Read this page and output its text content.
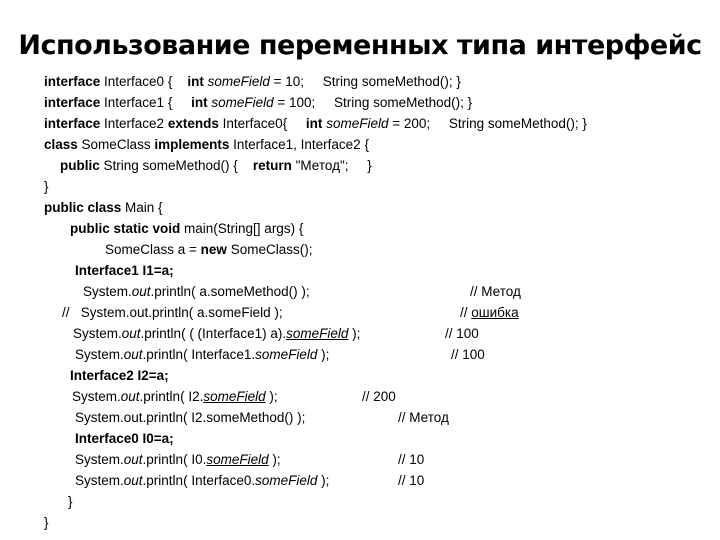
Использование переменных типа интерфейс
interface Interface0 {    int someField = 10;     String someMethod(); }
interface Interface1 {     int someField = 100;     String someMethod(); }
interface Interface2 extends Interface0{     int someField = 200;     String someMethod(); }
class SomeClass implements Interface1, Interface2 {
public String someMethod() {    return "Метод";     }
}
public class Main {
public static void main(String[] args) {
SomeClass a = new SomeClass();
Interface1 I1=a;
System.out.println( a.someMethod() );	// Метод
//   System.out.println( a.someField );	// ошибка
System.out.println( ( (Interface1) a).someField );	// 100
System.out.println( Interface1.someField );	// 100
Interface2 I2=a;
System.out.println( I2.someField );	// 200
System.out.println( I2.someMethod() );	// Метод
Interface0 I0=a;
System.out.println( I0.someField );	// 10
System.out.println( Interface0.someField );	// 10
}
}
